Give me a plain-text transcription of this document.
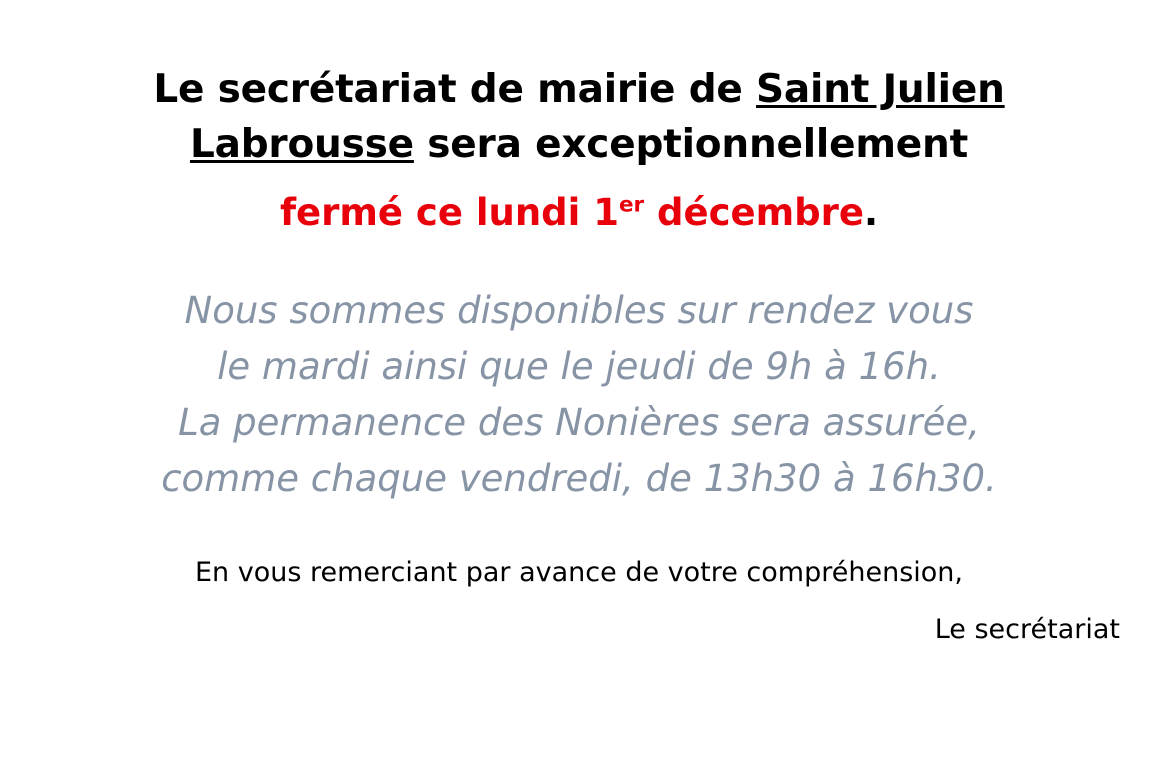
Le secrétariat de mairie de Saint Julien Labrousse sera exceptionnellement
fermé ce lundi 1er décembre.
Nous sommes disponibles sur rendez vous
le mardi ainsi que le jeudi de 9h à 16h.
La permanence des Nonières sera assurée,
comme chaque vendredi, de 13h30 à 16h30.

En vous remerciant par avance de votre compréhension,

Le secrétariat
